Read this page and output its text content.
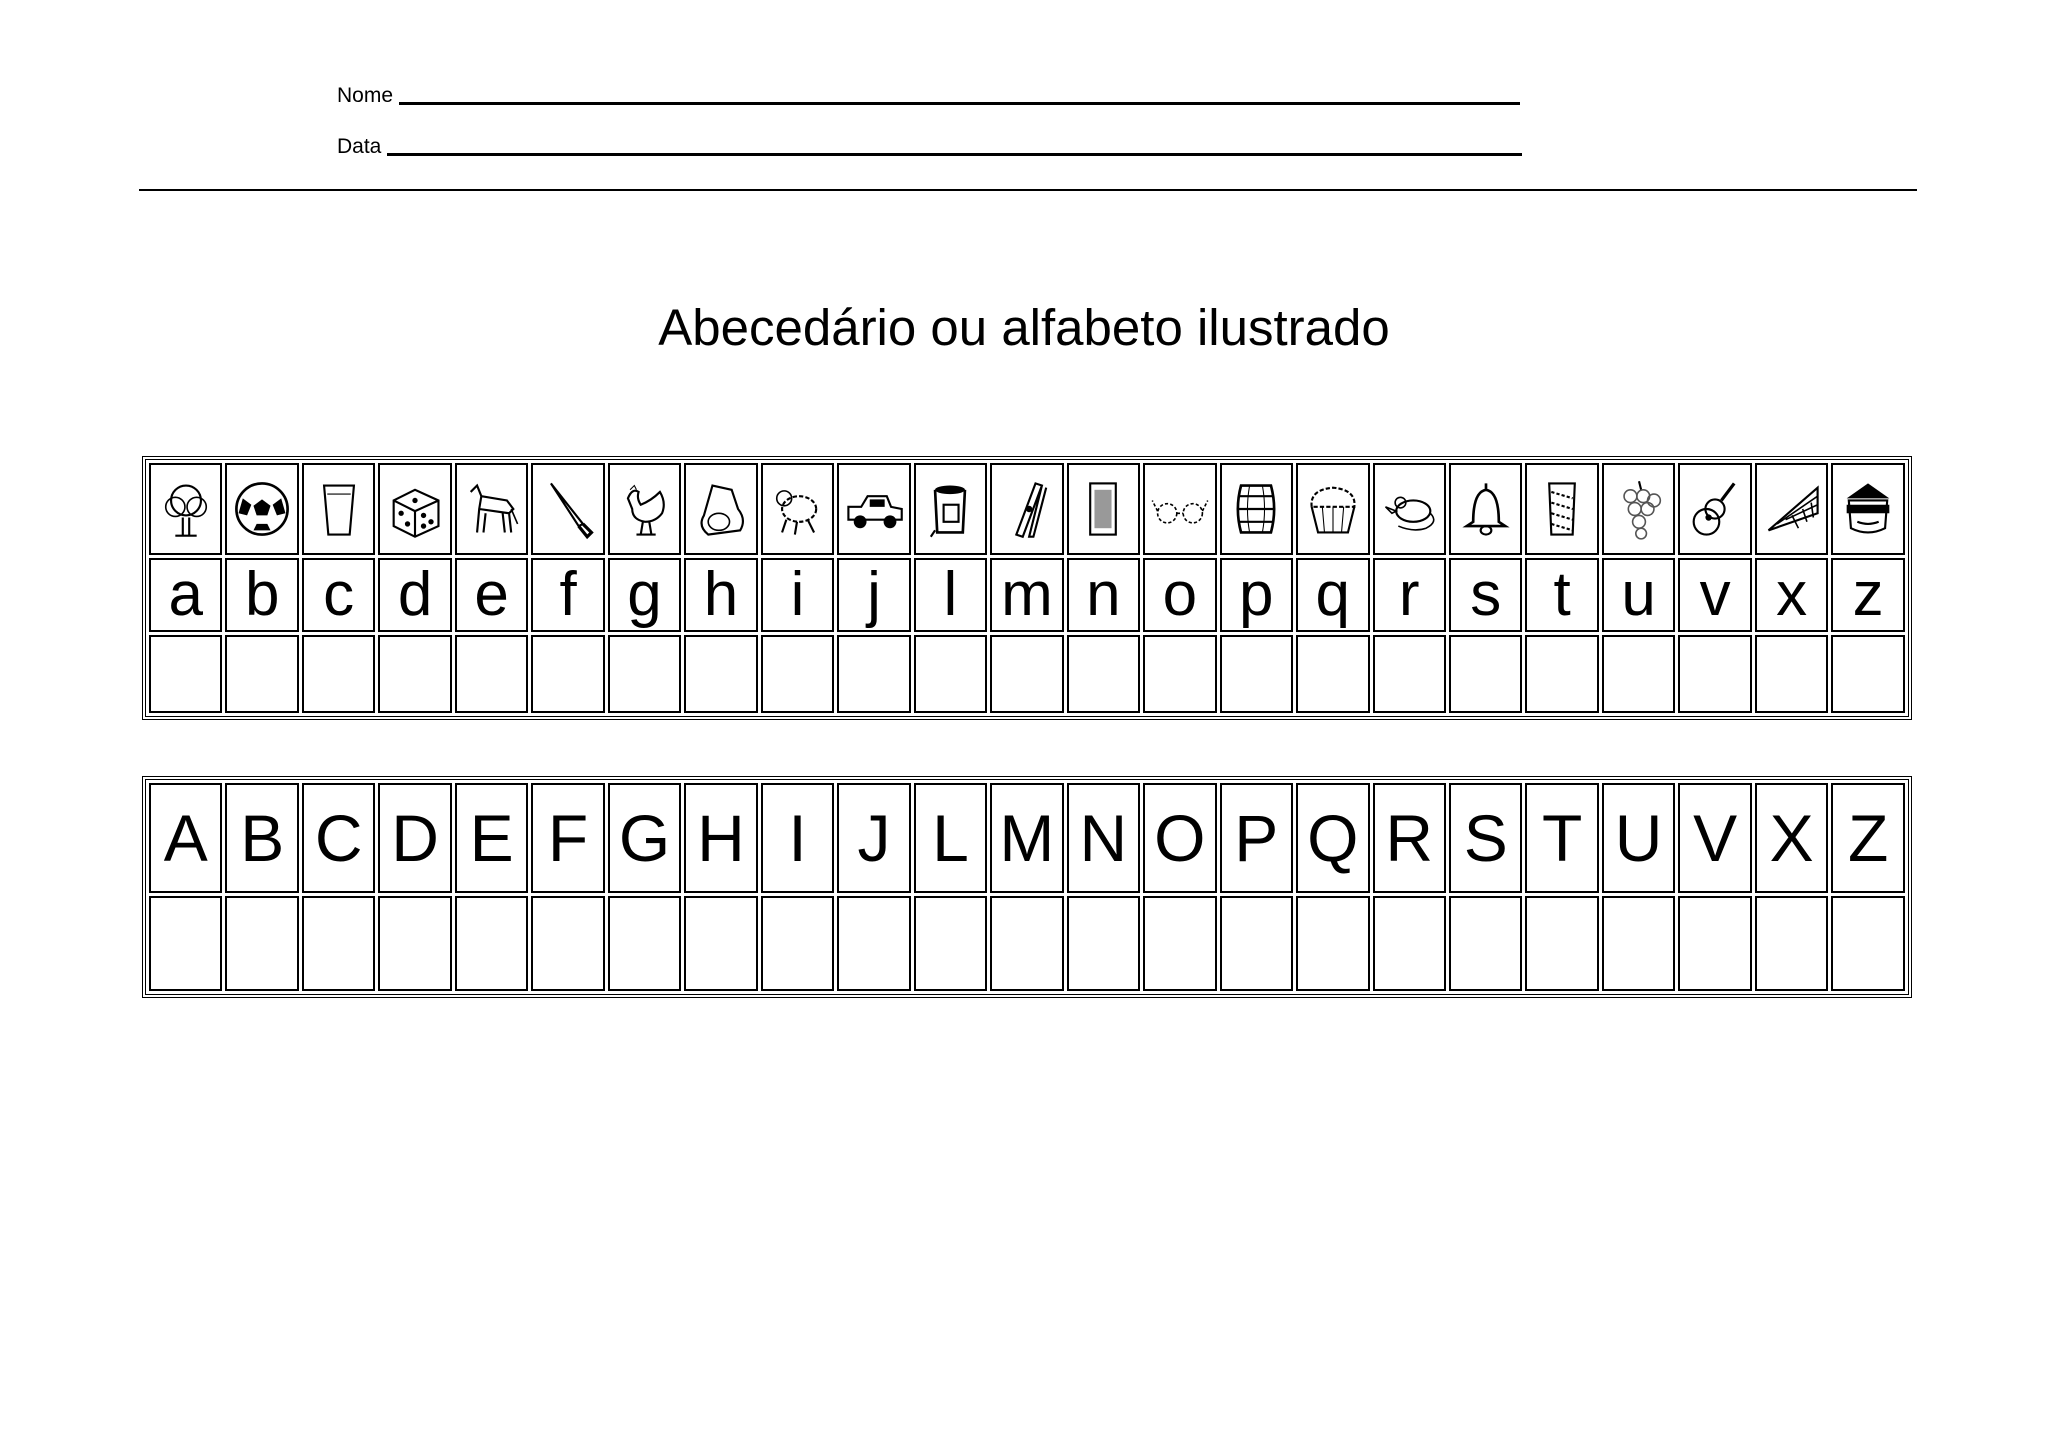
Nome
Data
Abecedário ou alfabeto ilustrado

a	b	c	d	e	f	g	h	i	j	l	m	n	o	p	q	r	s	t	u	v	x	z

A	B	C	D	E	F	G	H	I	J	L	M	N	O	P	Q	R	S	T	U	V	X	Z
